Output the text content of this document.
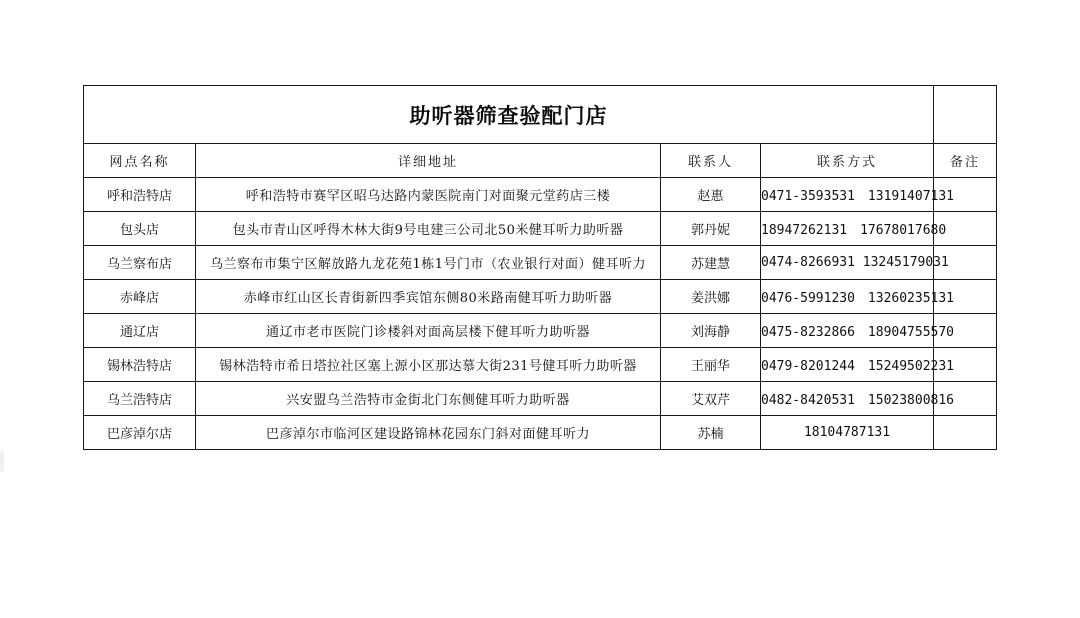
助听器筛查验配门店				
网点名称	详细地址	联系人	联系方式	备注
呼和浩特店	呼和浩特市赛罕区昭乌达路内蒙医院南门对面聚元堂药店三楼	赵惠	0471-3593531　13191407131	
包头店	包头市青山区呼得木林大街9号电建三公司北50米健耳听力助听器	郭丹妮	18947262131　17678017680	
乌兰察布店	乌兰察布市集宁区解放路九龙花苑1栋1号门市（农业银行对面）健耳听力	苏建慧	0474-8266931 13245179031	
赤峰店	赤峰市红山区长青街新四季宾馆东侧80米路南健耳听力助听器	姜洪娜	0476-5991230　13260235131	
通辽店	通辽市老市医院门诊楼斜对面高层楼下健耳听力助听器	刘海静	0475-8232866　18904755570	
锡林浩特店	锡林浩特市希日塔拉社区塞上源小区那达慕大街231号健耳听力助听器	王丽华	0479-8201244　15249502231	
乌兰浩特店	兴安盟乌兰浩特市金街北门东侧健耳听力助听器	艾双芹	0482-8420531　15023800816	
巴彦淖尔店	巴彦淖尔市临河区建设路锦林花园东门斜对面健耳听力	苏楠	18104787131	
